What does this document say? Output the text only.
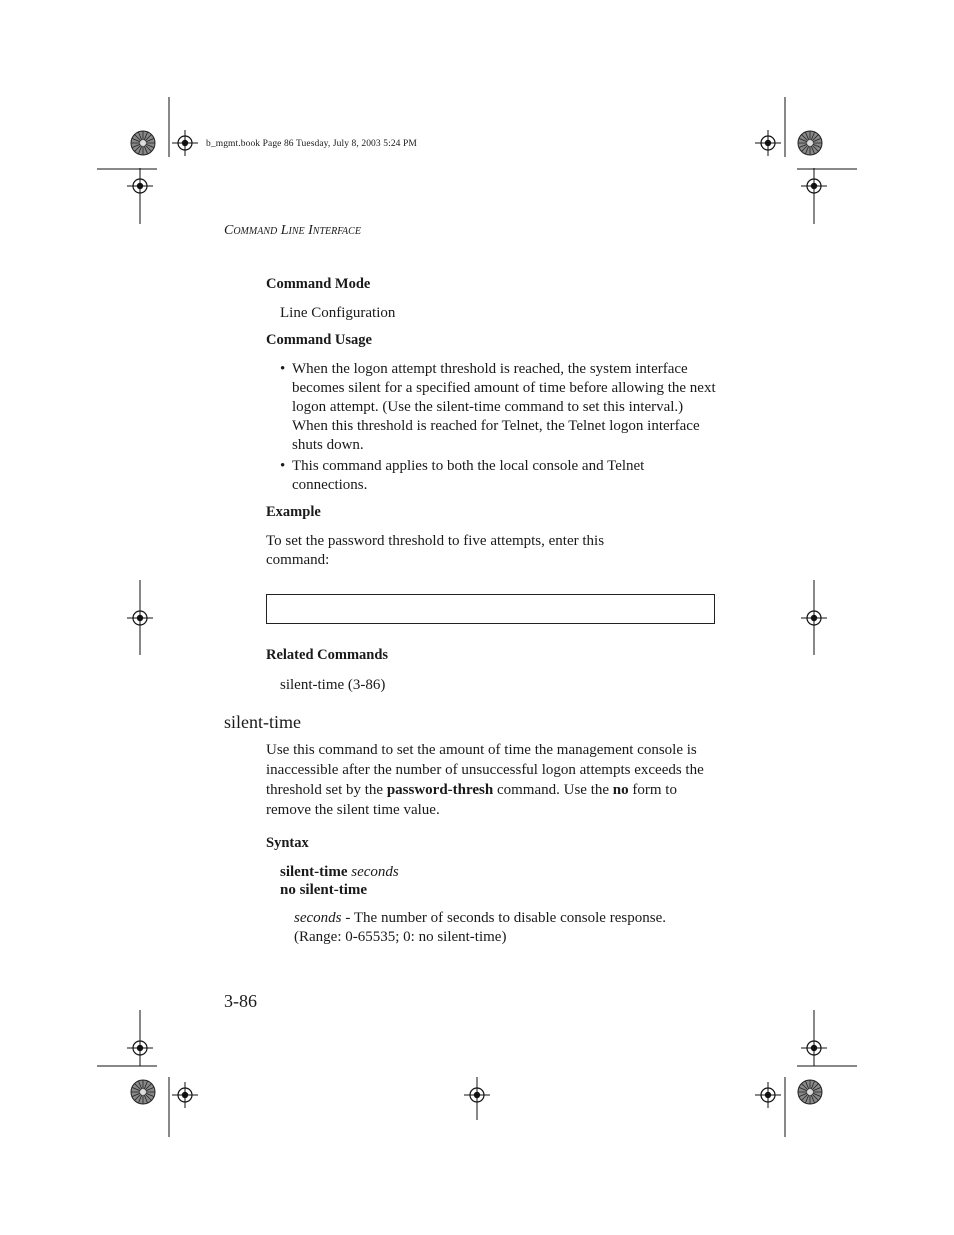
b_mgmt.book Page 86 Tuesday, July 8, 2003 5:24 PM
Command Line Interface
Command Mode
Line Configuration
Command Usage
• When the logon attempt threshold is reached, the system interface becomes silent for a specified amount of time before allowing the next logon attempt. (Use the silent-time command to set this interval.) When this threshold is reached for Telnet, the Telnet logon interface shuts down.
• This command applies to both the local console and Telnet connections.
Example
To set the password threshold to five attempts, enter this command:
Related Commands
silent-time (3-86)
silent-time
Use this command to set the amount of time the management console is inaccessible after the number of unsuccessful logon attempts exceeds the threshold set by the password-thresh command. Use the no form to remove the silent time value.
Syntax
silent-time seconds
no silent-time
seconds - The number of seconds to disable console response. (Range: 0-65535; 0: no silent-time)
3-86
